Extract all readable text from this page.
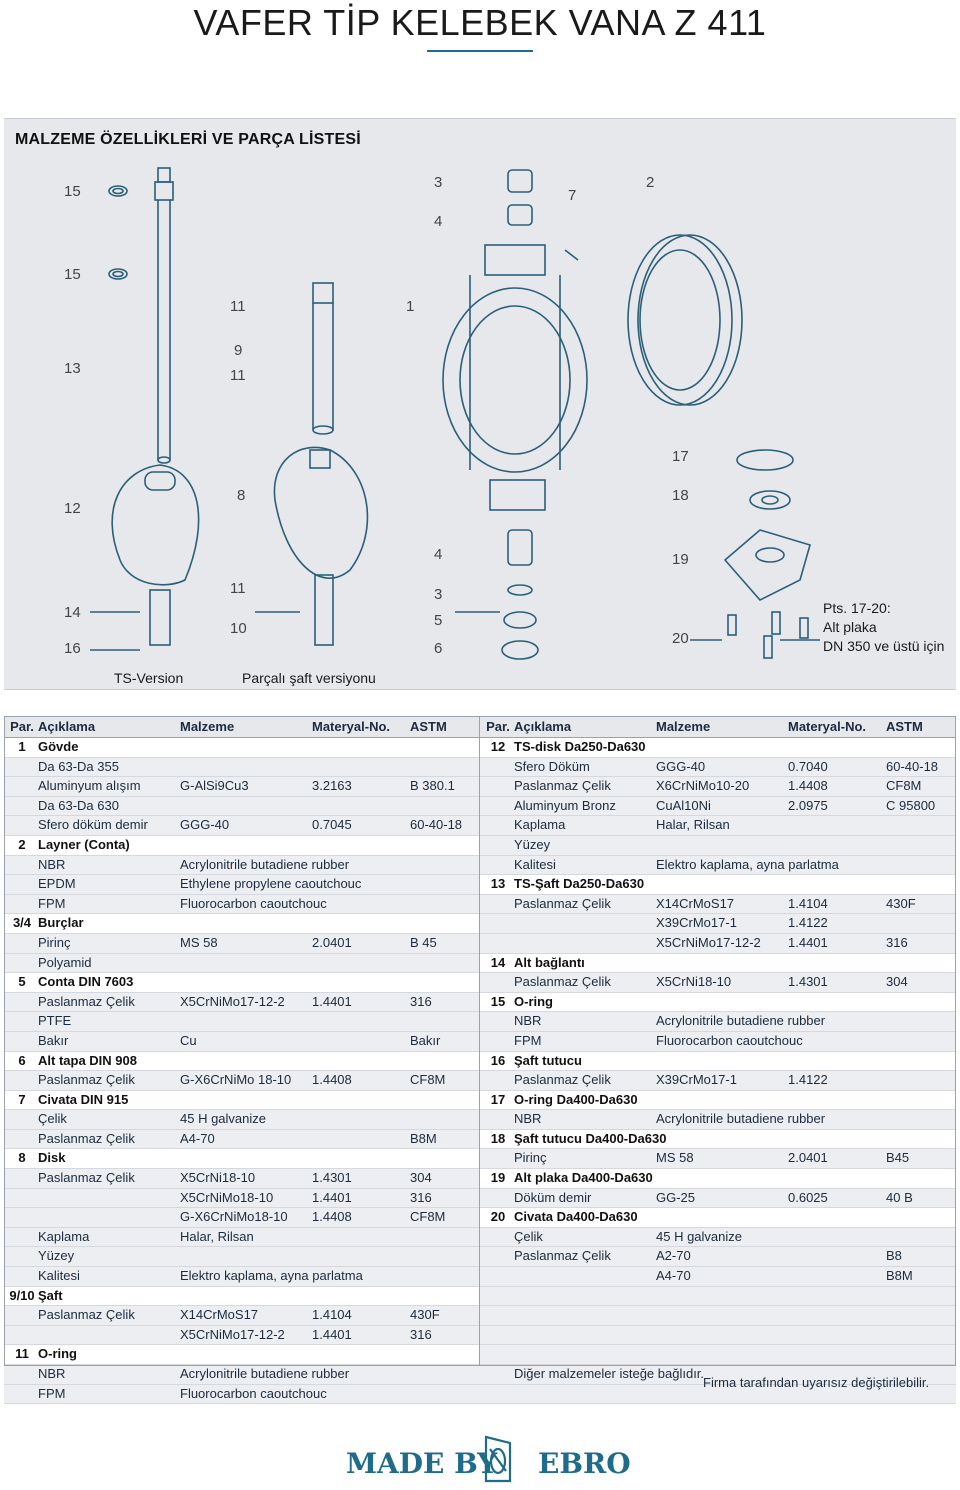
VAFER TİP KELEBEK VANA Z 411
MALZEME ÖZELLİKLERİ VE PARÇA LİSTESİ
15
15
11
9
11
13
3
4
7
2
1
12
8
17
18
19
20
4
3
5
6
11
10
14
16
TS-Version	Parçalı şaft versiyonu
Pts. 17-20:
Alt plaka
DN 350 ve üstü için
Par. Açıklama	Malzeme	Materyal-No. ASTM
1 Gövde
Da 63-Da 355
Aluminyum alışım	G-AlSi9Cu3	3.2163	B 380.1
Da 63-Da 630
Sfero döküm demir GGG-40	0.7045	60-40-18
2 Layner (Conta)
NBR	Acrylonitrile butadiene rubber
EPDM	Ethylene propylene caoutchouc
FPM	Fluorocarbon caoutchouc
3/4 Burçlar
Pirinç	MS 58	2.0401	B 45
Polyamid
5 Conta DIN 7603
Paslanmaz Çelik	X5CrNiMo17-12-2 1.4401	316
PTFE
Bakır	Cu	Bakır
6 Alt tapa DIN 908
Paslanmaz Çelik	G-X6CrNiMo 18-10 1.4408	CF8M
7 Civata DIN 915
Çelik	45 H galvanize
Paslanmaz Çelik	A4-70	B8M
8 Disk
Paslanmaz Çelik	X5CrNi18-10	1.4301	304
X5CrNiMo18-10	1.4401	316
G-X6CrNiMo18-10 1.4408	CF8M
Kaplama	Halar, Rilsan
Yüzey
Kalitesi	Elektro kaplama, ayna parlatma
9/10 Şaft
Paslanmaz Çelik	X14CrMoS17	1.4104	430F
X5CrNiMo17-12-2 1.4401	316
11 O-ring
NBR	Acrylonitrile butadiene rubber
FPM	Fluorocarbon caoutchouc
Par. Açıklama	Malzeme	Materyal-No. ASTM
12 TS-disk Da250-Da630
Sfero Döküm	GGG-40	0.7040	60-40-18
Paslanmaz Çelik	X6CrNiMo10-20	1.4408	CF8M
Aluminyum Bronz	CuAl10Ni	2.0975	C 95800
Kaplama	Halar, Rilsan
Yüzey
Kalitesi	Elektro kaplama, ayna parlatma
13 TS-Şaft Da250-Da630
Paslanmaz Çelik	X14CrMoS17	1.4104	430F
X39CrMo17-1	1.4122
X5CrNiMo17-12-2 1.4401	316
14 Alt bağlantı
Paslanmaz Çelik	X5CrNi18-10	1.4301	304
15 O-ring
NBR	Acrylonitrile butadiene rubber
FPM	Fluorocarbon caoutchouc
16 Şaft tutucu
Paslanmaz Çelik	X39CrMo17-1	1.4122
17 O-ring Da400-Da630
NBR	Acrylonitrile butadiene rubber
18 Şaft tutucu Da400-Da630
Pirinç	MS 58	2.0401	B45
19 Alt plaka Da400-Da630
Döküm demir	GG-25	0.6025	40 B
20 Civata Da400-Da630
Çelik	45 H galvanize
Paslanmaz Çelik	A2-70	B8
A4-70	B8M
Diğer malzemeler isteğe bağlıdır.
Firma tarafından uyarısız değiştirilebilir.
MADE BY EBRO
